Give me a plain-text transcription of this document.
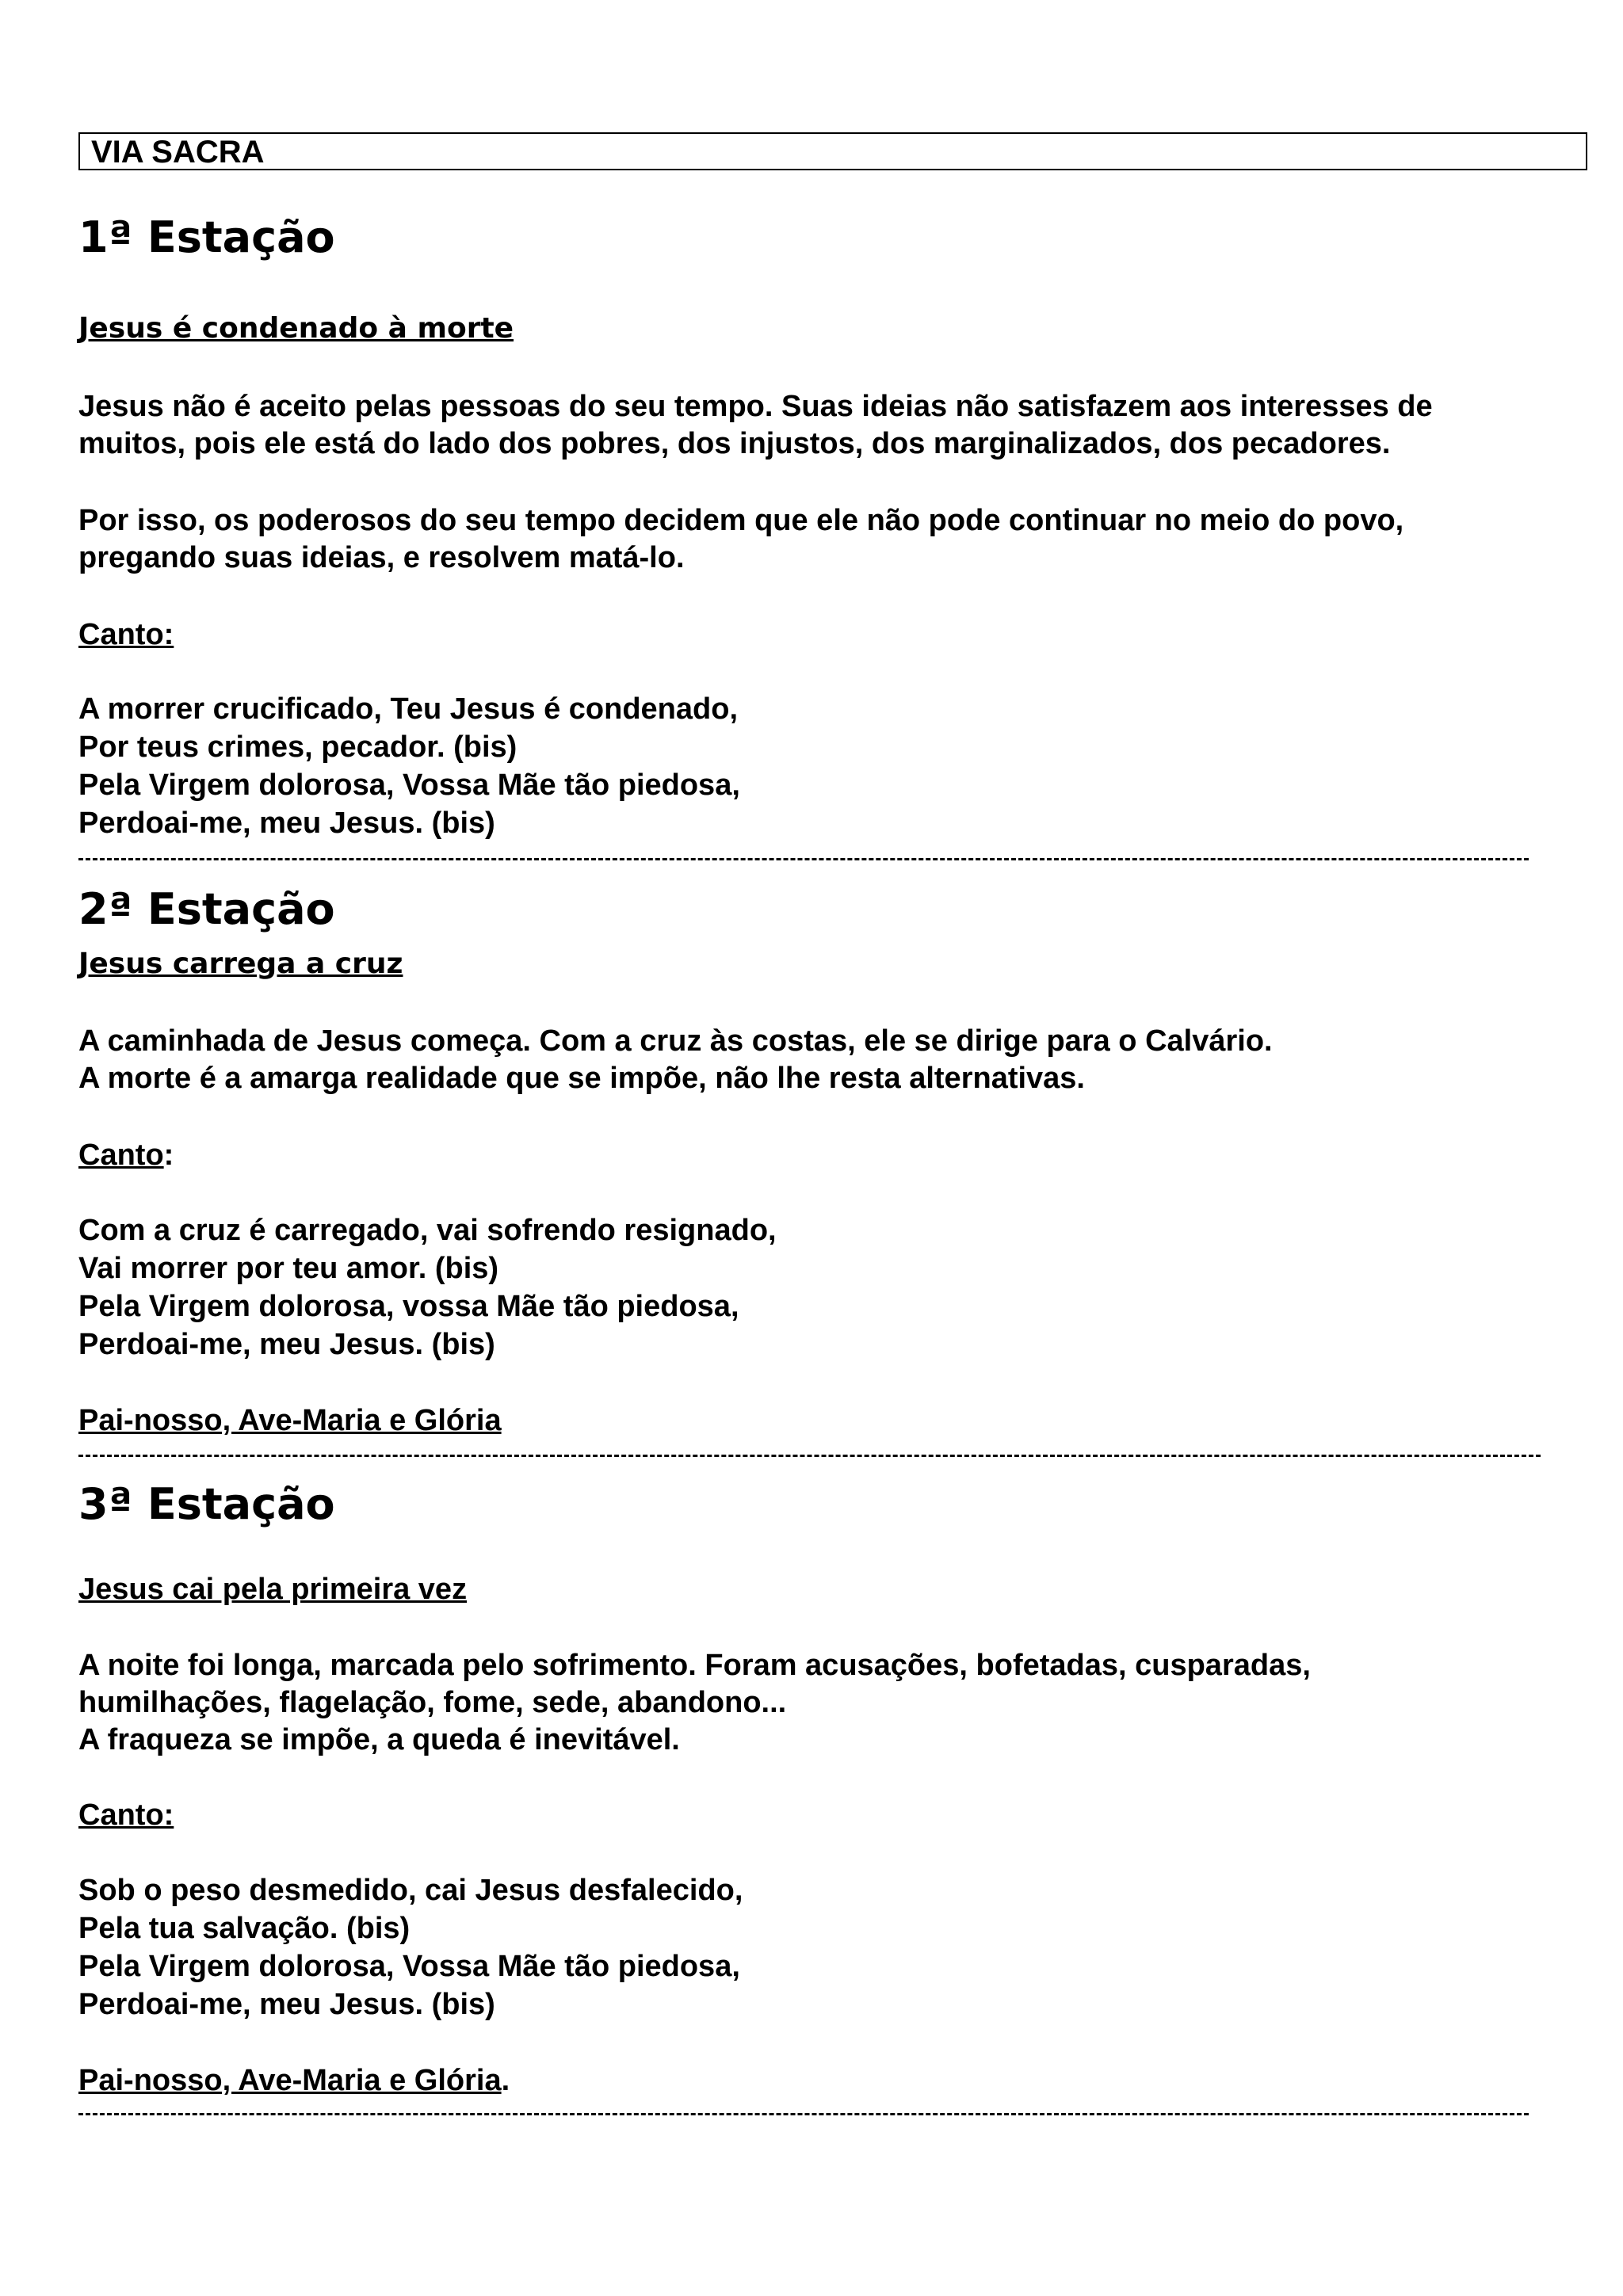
VIA SACRA
1ª Estação
Jesus é condenado à morte
Jesus não é aceito pelas pessoas do seu tempo. Suas ideias não satisfazem aos interesses de
muitos, pois ele está do lado dos pobres, dos injustos, dos marginalizados, dos pecadores.
Por isso, os poderosos do seu tempo decidem que ele não pode continuar no meio do povo,
pregando suas ideias, e resolvem matá-lo.
Canto:
A morrer crucificado, Teu Jesus é condenado,
Por teus crimes, pecador. (bis)
Pela Virgem dolorosa, Vossa Mãe tão piedosa,
Perdoai-me, meu Jesus. (bis)
2ª Estação
Jesus carrega a cruz
A caminhada de Jesus começa. Com a cruz às costas, ele se dirige para o Calvário.
A morte é a amarga realidade que se impõe, não lhe resta alternativas.
Canto:
Com a cruz é carregado, vai sofrendo resignado,
Vai morrer por teu amor. (bis)
Pela Virgem dolorosa, vossa Mãe tão piedosa,
Perdoai-me, meu Jesus. (bis)
Pai-nosso, Ave-Maria e Glória
3ª Estação
Jesus cai pela primeira vez
A noite foi longa, marcada pelo sofrimento. Foram acusações, bofetadas, cusparadas,
humilhações, flagelação, fome, sede, abandono...
A fraqueza se impõe, a queda é inevitável.
Canto:
Sob o peso desmedido, cai Jesus desfalecido,
Pela tua salvação. (bis)
Pela Virgem dolorosa, Vossa Mãe tão piedosa,
Perdoai-me, meu Jesus. (bis)
Pai-nosso, Ave-Maria e Glória.
